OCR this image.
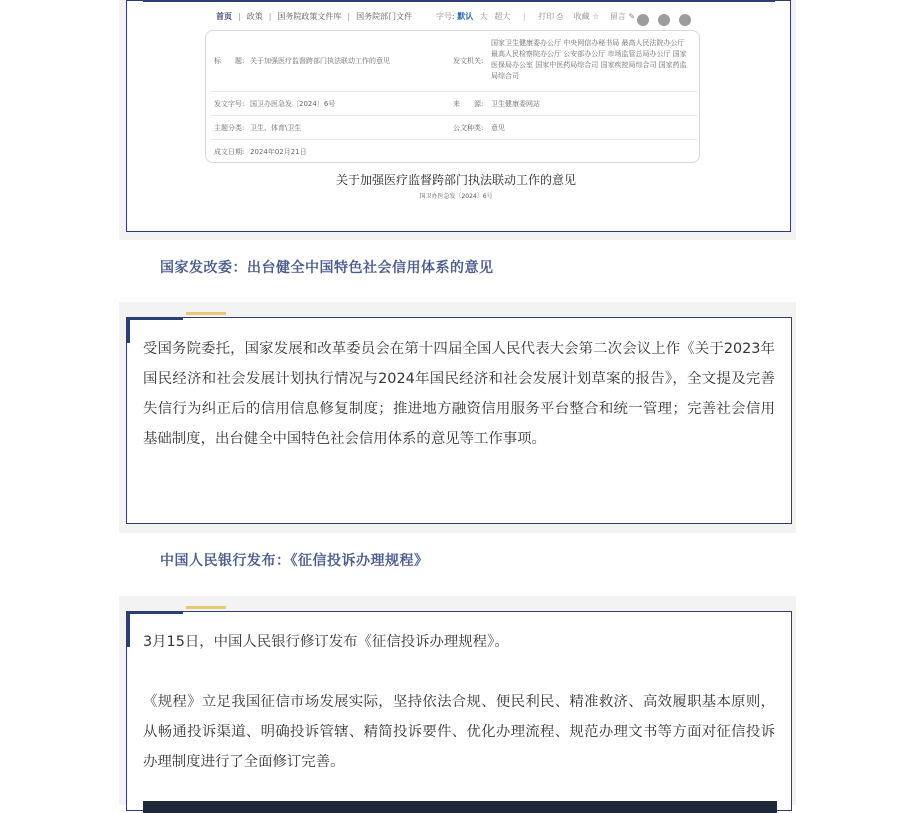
首页 | 政策 | 国务院政策文件库 | 国务院部门文件	字号: 默认 大 超大 | 打印 ⎙ 收藏 ☆ 留言 ✎

标　　题: 关于加强医疗监督跨部门执法联动工作的意见	发文机关:
国家卫生健康委办公厅 中央网信办秘书局 最高人民法院办公厅
最高人民检察院办公厅 公安部办公厅 市场监管总局办公厅 国家
医保局办公室 国家中医药局综合司 国家疾控局综合司 国家药监
局综合司
发文字号: 国卫办医急发〔2024〕6号	来　　源: 卫生健康委网站
主题分类: 卫生、体育\卫生	公文种类: 意见
成文日期: 2024年02月21日
关于加强医疗监督跨部门执法联动工作的意见
国卫办医急发〔2024〕6号
国家发改委：出台健全中国特色社会信用体系的意见
受国务院委托，国家发展和改革委员会在第十四届全国人民代表大会第二次会议上作《关于2023年国民经济和社会发展计划执行情况与2024年国民经济和社会发展计划草案的报告》，全文提及完善失信行为纠正后的信用信息修复制度；推进地方融资信用服务平台整合和统一管理；完善社会信用基础制度，出台健全中国特色社会信用体系的意见等工作事项。
中国人民银行发布：《征信投诉办理规程》
3月15日，中国人民银行修订发布《征信投诉办理规程》。
《规程》立足我国征信市场发展实际，坚持依法合规、便民利民、精准救济、高效履职基本原则，从畅通投诉渠道、明确投诉管辖、精简投诉要件、优化办理流程、规范办理文书等方面对征信投诉办理制度进行了全面修订完善。
